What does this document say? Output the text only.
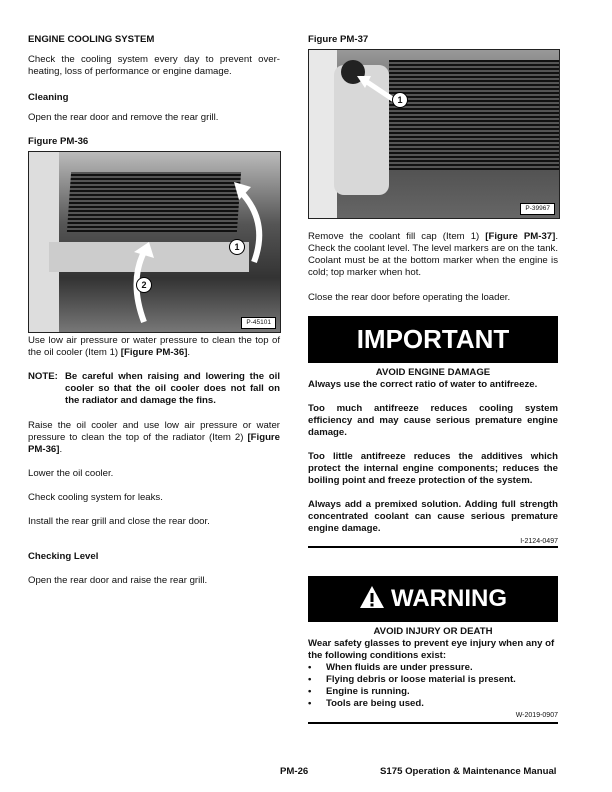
ENGINE COOLING SYSTEM

Check the cooling system every day to prevent over-heating, loss of performance or engine damage.

Cleaning

Open the rear door and remove the rear grill.

Figure PM-36
1
2
P-45101

Use low air pressure or water pressure to clean the top of the oil cooler (Item 1) [Figure PM-36].

NOTE: Be careful when raising and lowering the oil cooler so that the oil cooler does not fall on the radiator and damage the fins.

Raise the oil cooler and use low air pressure or water pressure to clean the top of the radiator (Item 2) [Figure PM-36].

Lower the oil cooler.

Check cooling system for leaks.

Install the rear grill and close the rear door.

Checking Level

Open the rear door and raise the rear grill.

Figure PM-37
1
P-39967

Remove the coolant fill cap (Item 1) [Figure PM-37]. Check the coolant level. The level markers are on the tank. Coolant must be at the bottom marker when the engine is cold; top marker when hot.

Close the rear door before operating the loader.

IMPORTANT

AVOID ENGINE DAMAGE

Always use the correct ratio of water to antifreeze.

Too much antifreeze reduces cooling system efficiency and may cause serious premature engine damage.

Too little antifreeze reduces the additives which protect the internal engine components; reduces the boiling point and freeze protection of the system.

Always add a premixed solution. Adding full strength concentrated coolant can cause serious premature engine damage.

I-2124-0497
WARNING

AVOID INJURY OR DEATH

Wear safety glasses to prevent eye injury when any of the following conditions exist:

• When fluids are under pressure.
• Flying debris or loose material is present.
• Engine is running.
• Tools are being used.
W-2019-0907
PM-26	S175 Operation & Maintenance Manual
